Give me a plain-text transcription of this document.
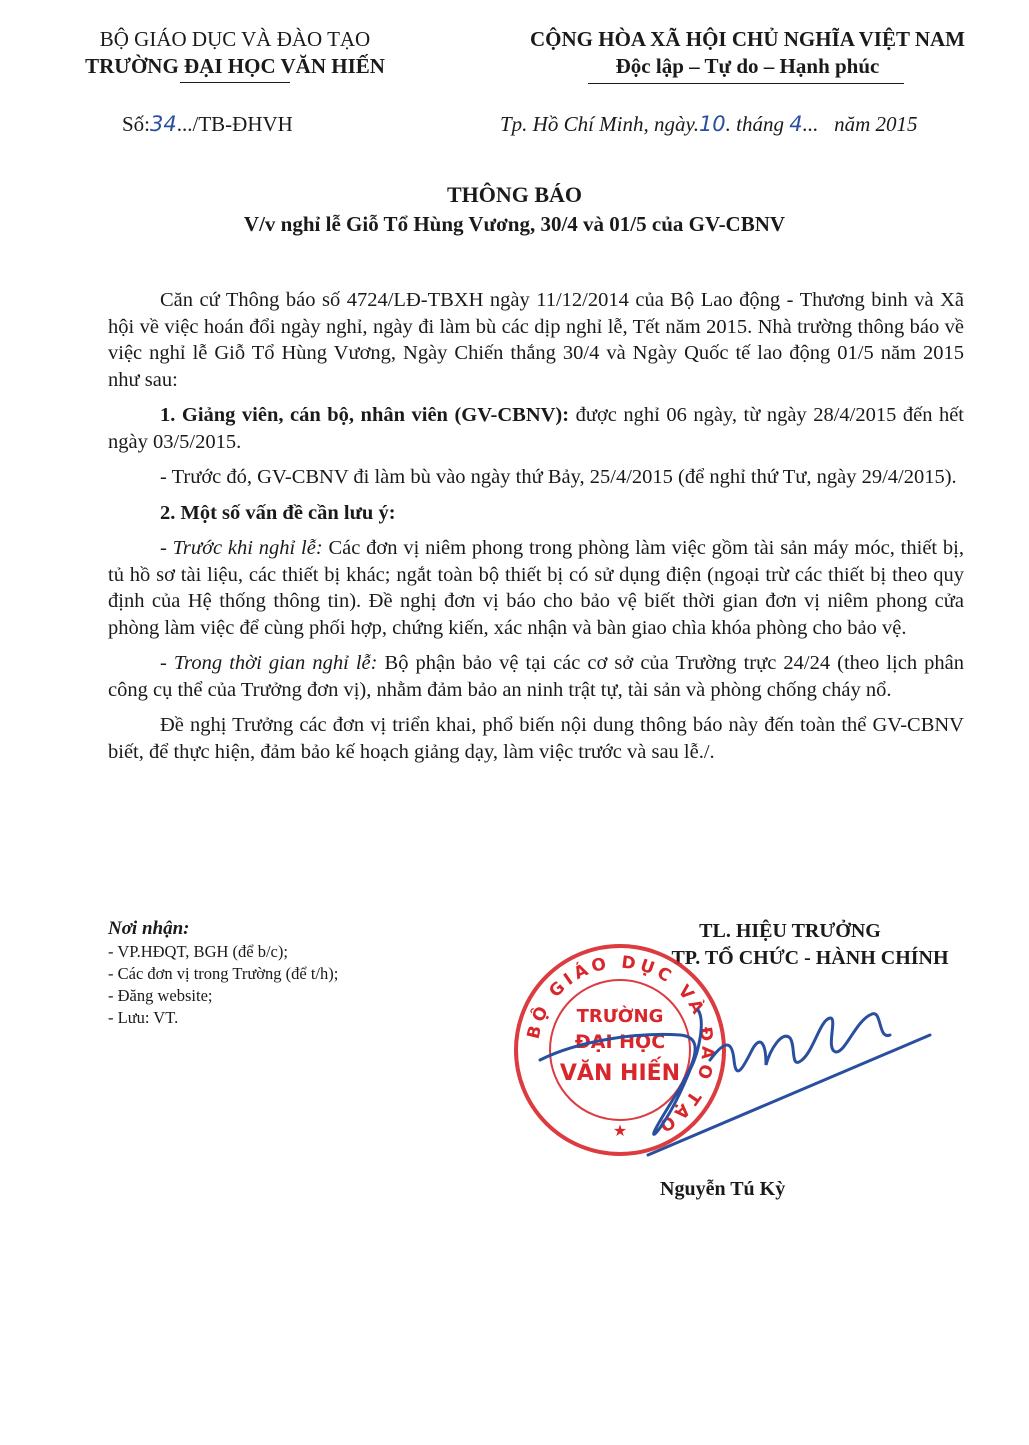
BỘ GIÁO DỤC VÀ ĐÀO TẠO
TRƯỜNG ĐẠI HỌC VĂN HIẾN
CỘNG HÒA XÃ HỘI CHỦ NGHĨA VIỆT NAM
Độc lập – Tự do – Hạnh phúc
Số:34.../TB-ĐHVH	Tp. Hồ Chí Minh, ngày.10. tháng 4...   năm 2015
THÔNG BÁO
V/v nghỉ lễ Giỗ Tổ Hùng Vương, 30/4 và 01/5 của GV-CBNV

Căn cứ Thông báo số 4724/LĐ-TBXH ngày 11/12/2014 của Bộ Lao động - Thương binh và Xã hội về việc hoán đổi ngày nghỉ, ngày đi làm bù các dịp nghỉ lễ, Tết năm 2015. Nhà trường thông báo về việc nghỉ lễ Giỗ Tổ Hùng Vương, Ngày Chiến thắng 30/4 và Ngày Quốc tế lao động 01/5 năm 2015 như sau:

1. Giảng viên, cán bộ, nhân viên (GV-CBNV): được nghỉ 06 ngày, từ ngày 28/4/2015 đến hết ngày 03/5/2015.

- Trước đó, GV-CBNV đi làm bù vào ngày thứ Bảy, 25/4/2015 (để nghỉ thứ Tư, ngày 29/4/2015).

2. Một số vấn đề cần lưu ý:

- Trước khi nghỉ lễ: Các đơn vị niêm phong trong phòng làm việc gồm tài sản máy móc, thiết bị, tủ hồ sơ tài liệu, các thiết bị khác; ngắt toàn bộ thiết bị có sử dụng điện (ngoại trừ các thiết bị theo quy định của Hệ thống thông tin). Đề nghị đơn vị báo cho bảo vệ biết thời gian đơn vị niêm phong cửa phòng làm việc để cùng phối hợp, chứng kiến, xác nhận và bàn giao chìa khóa phòng cho bảo vệ.

- Trong thời gian nghỉ lễ: Bộ phận bảo vệ tại các cơ sở của Trường trực 24/24 (theo lịch phân công cụ thể của Trưởng đơn vị), nhằm đảm bảo an ninh trật tự, tài sản và phòng chống cháy nổ.

Đề nghị Trưởng các đơn vị triển khai, phổ biến nội dung thông báo này đến toàn thể GV-CBNV biết, để thực hiện, đảm bảo kế hoạch giảng dạy, làm việc trước và sau lễ./.

Nơi nhận:
- VP.HĐQT, BGH (để b/c);
- Các đơn vị trong Trường (để t/h);
- Đăng website;
- Lưu: VT.
TL. HIỆU TRƯỞNG
TP. TỔ CHỨC - HÀNH CHÍNH
BỘ GIÁO DỤC VÀ ĐÀO TẠO
TRƯỜNG
ĐẠI HỌC
VĂN HIẾN
★
Nguyễn Tú Kỳ
